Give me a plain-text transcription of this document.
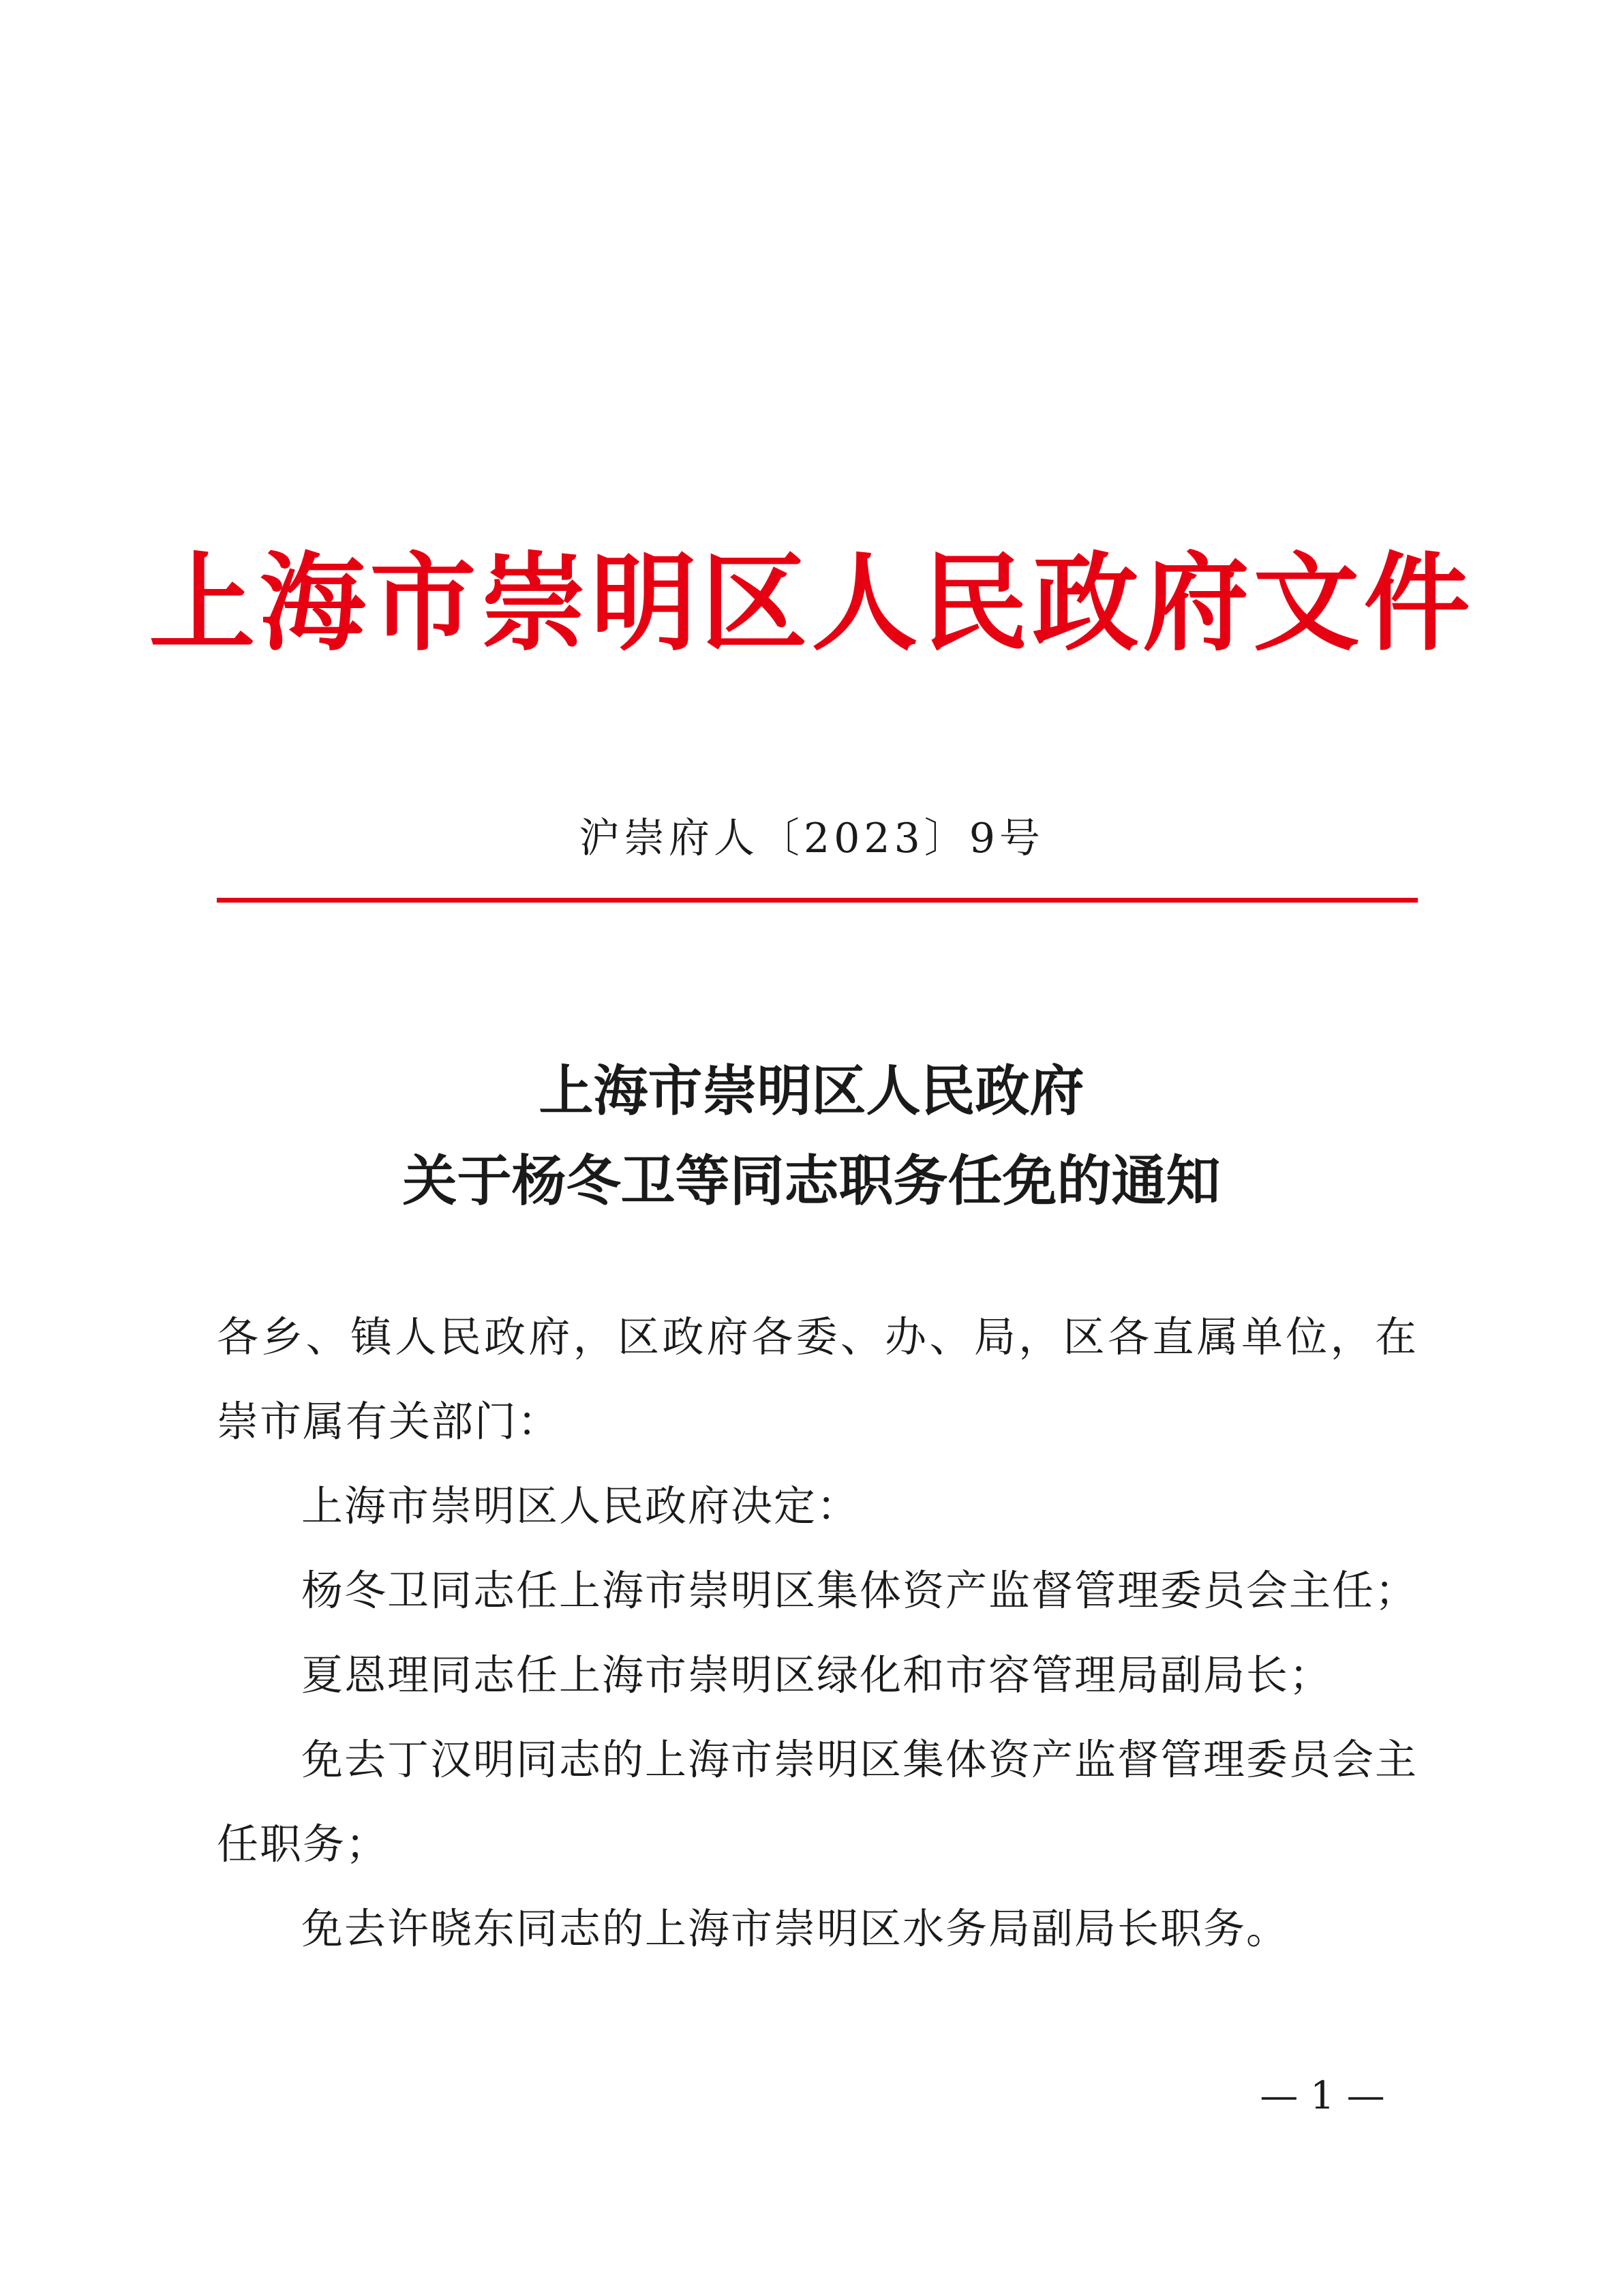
上海市崇明区人民政府文件
沪崇府人〔2023〕9号
上海市崇明区人民政府
关于杨冬卫等同志职务任免的通知

各乡、镇人民政府，区政府各委、办、局，区各直属单位，在崇市属有关部门：

上海市崇明区人民政府决定：

杨冬卫同志任上海市崇明区集体资产监督管理委员会主任；

夏恩理同志任上海市崇明区绿化和市容管理局副局长；

免去丁汉明同志的上海市崇明区集体资产监督管理委员会主任职务；

免去许晓东同志的上海市崇明区水务局副局长职务。

— 1 —
